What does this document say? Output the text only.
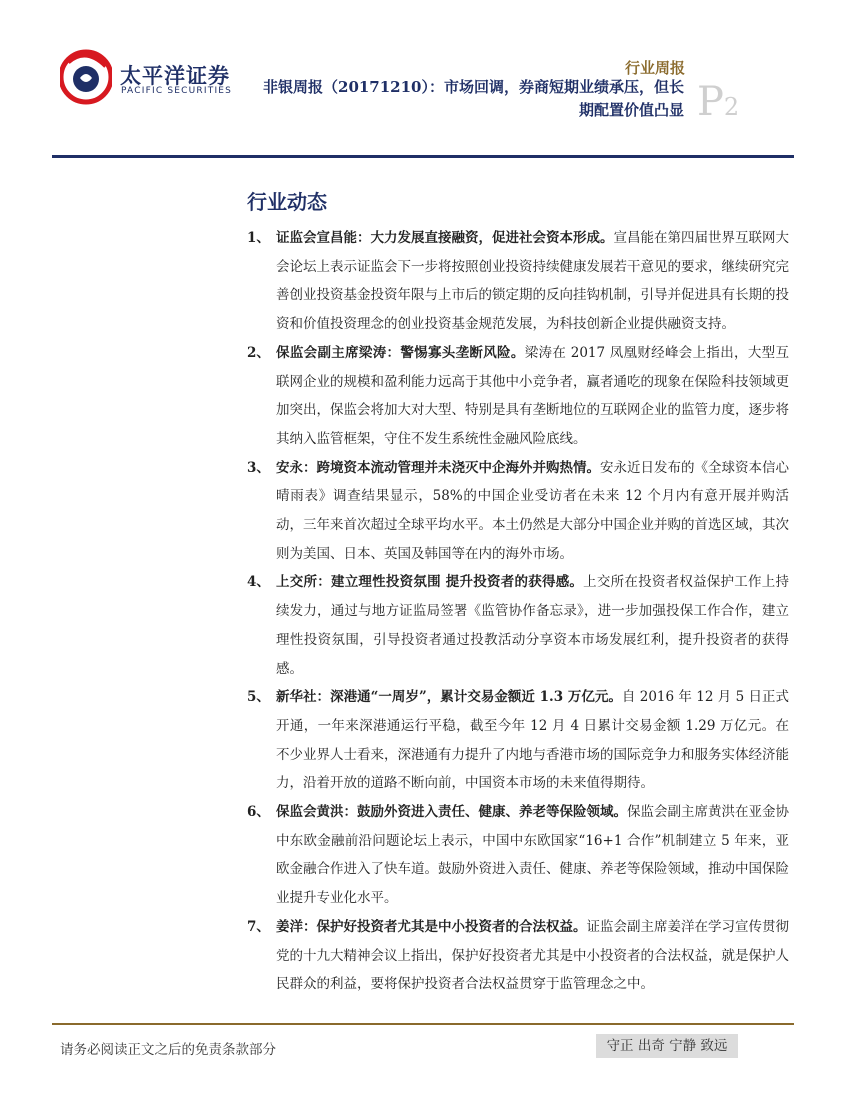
太平洋证券
PACIFIC SECURITIES
行业周报
非银周报（20171210）：市场回调，券商短期业绩承压，但长期配置价值凸显 P2
行业动态
1、 证监会宣昌能：大力发展直接融资，促进社会资本形成。宣昌能在第四届世界互联网大会论坛上表示证监会下一步将按照创业投资持续健康发展若干意见的要求，继续研究完善创业投资基金投资年限与上市后的锁定期的反向挂钩机制，引导并促进具有长期的投资和价值投资理念的创业投资基金规范发展，为科技创新企业提供融资支持。
2、 保监会副主席梁涛：警惕寡头垄断风险。梁涛在 2017 凤凰财经峰会上指出，大型互联网企业的规模和盈利能力远高于其他中小竞争者，赢者通吃的现象在保险科技领域更加突出，保监会将加大对大型、特别是具有垄断地位的互联网企业的监管力度，逐步将其纳入监管框架，守住不发生系统性金融风险底线。
3、 安永：跨境资本流动管理并未浇灭中企海外并购热情。安永近日发布的《全球资本信心晴雨表》调查结果显示，58%的中国企业受访者在未来 12 个月内有意开展并购活动，三年来首次超过全球平均水平。本土仍然是大部分中国企业并购的首选区域，其次则为美国、日本、英国及韩国等在内的海外市场。
4、 上交所：建立理性投资氛围 提升投资者的获得感。上交所在投资者权益保护工作上持续发力，通过与地方证监局签署《监管协作备忘录》，进一步加强投保工作合作，建立理性投资氛围，引导投资者通过投教活动分享资本市场发展红利，提升投资者的获得感。
5、 新华社：深港通“一周岁”，累计交易金额近 1.3 万亿元。自 2016 年 12 月 5 日正式开通，一年来深港通运行平稳，截至今年 12 月 4 日累计交易金额 1.29 万亿元。在不少业界人士看来，深港通有力提升了内地与香港市场的国际竞争力和服务实体经济能力，沿着开放的道路不断向前，中国资本市场的未来值得期待。
6、 保监会黄洪：鼓励外资进入责任、健康、养老等保险领域。保监会副主席黄洪在亚金协中东欧金融前沿问题论坛上表示，中国中东欧国家“16+1 合作”机制建立 5 年来，亚欧金融合作进入了快车道。鼓励外资进入责任、健康、养老等保险领域，推动中国保险业提升专业化水平。
7、 姜洋：保护好投资者尤其是中小投资者的合法权益。证监会副主席姜洋在学习宣传贯彻党的十九大精神会议上指出，保护好投资者尤其是中小投资者的合法权益，就是保护人民群众的利益，要将保护投资者合法权益贯穿于监管理念之中。
请务必阅读正文之后的免责条款部分	守正 出奇 宁静 致远
